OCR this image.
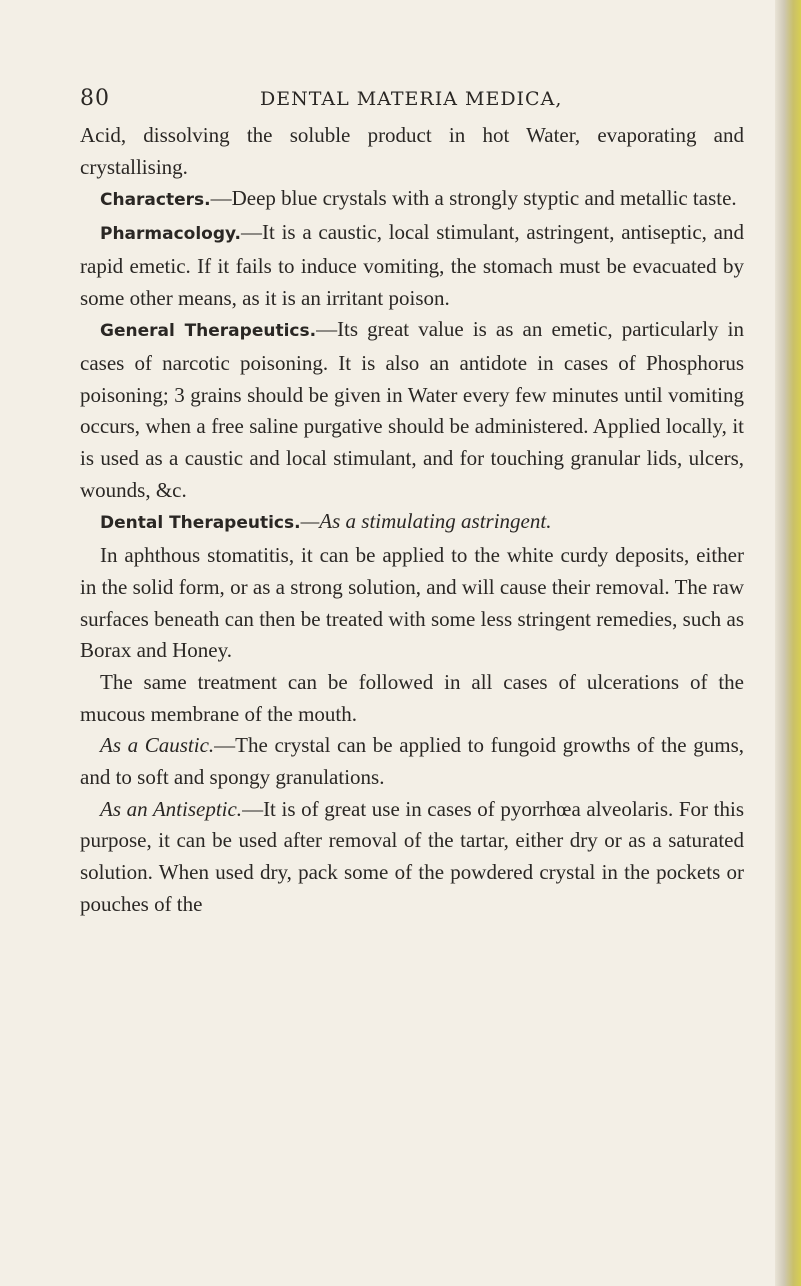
80	DENTAL MATERIA MEDICA,

Acid, dissolving the soluble product in hot Water, evaporating and crystallising.

Characters.—Deep blue crystals with a strongly styptic and metallic taste.

Pharmacology.—It is a caustic, local stimulant, astringent, antiseptic, and rapid emetic. If it fails to induce vomiting, the stomach must be evacuated by some other means, as it is an irritant poison.

General Therapeutics.—Its great value is as an emetic, particularly in cases of narcotic poisoning. It is also an antidote in cases of Phosphorus poisoning; 3 grains should be given in Water every few minutes until vomiting occurs, when a free saline purgative should be administered. Applied locally, it is used as a caustic and local stimulant, and for touching granular lids, ulcers, wounds, &c.

Dental Therapeutics.—As a stimulating astringent.

In aphthous stomatitis, it can be applied to the white curdy deposits, either in the solid form, or as a strong solution, and will cause their removal. The raw surfaces beneath can then be treated with some less stringent remedies, such as Borax and Honey.

The same treatment can be followed in all cases of ulcerations of the mucous membrane of the mouth.

As a Caustic.—The crystal can be applied to fungoid growths of the gums, and to soft and spongy granulations.

As an Antiseptic.—It is of great use in cases of pyorrhœa alveolaris. For this purpose, it can be used after removal of the tartar, either dry or as a saturated solution. When used dry, pack some of the powdered crystal in the pockets or pouches of the
